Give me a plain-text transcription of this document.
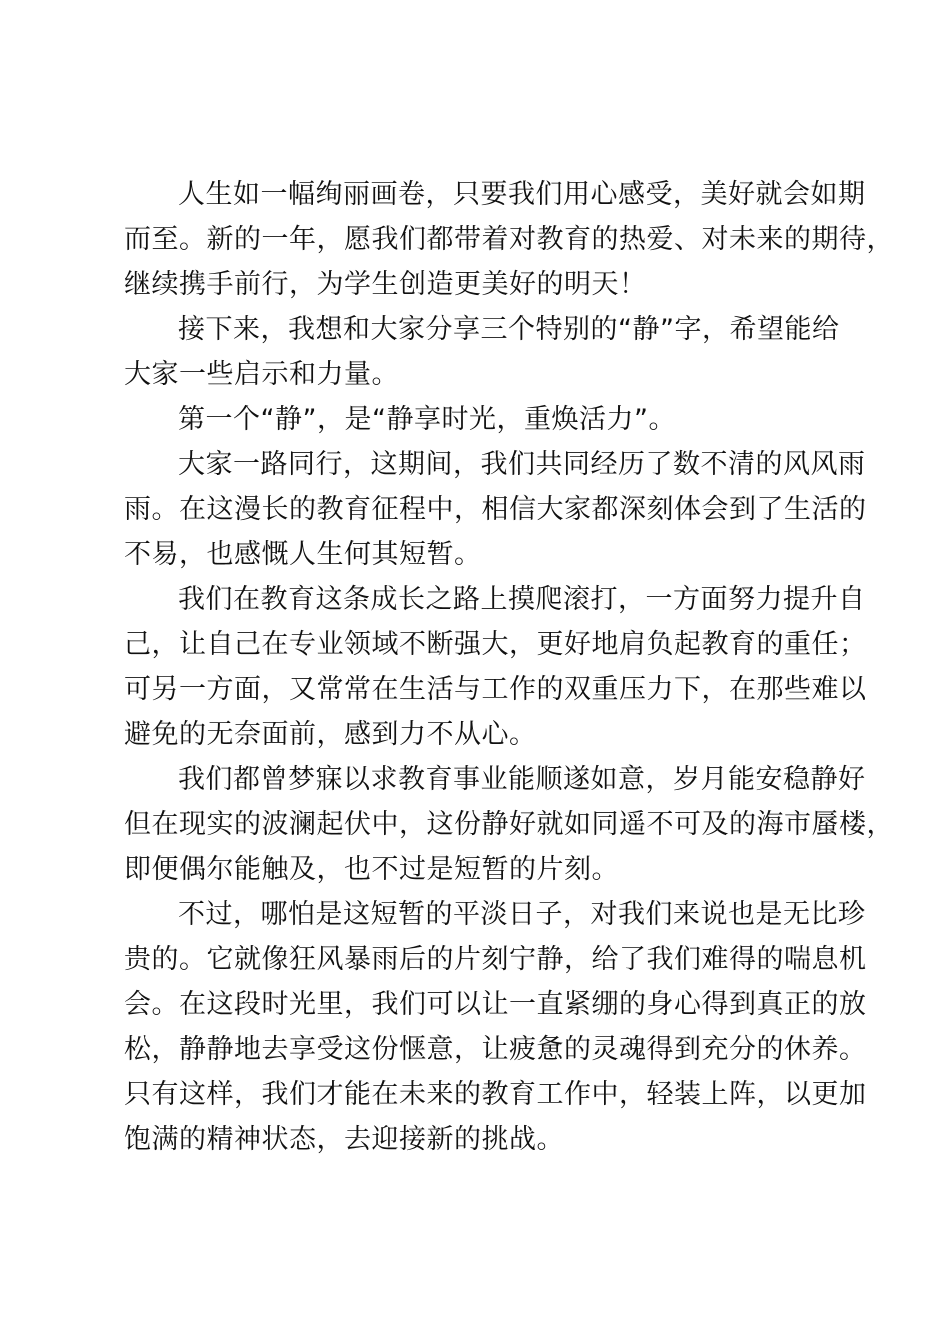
人生如一幅绚丽画卷，只要我们用心感受，美好就会如期
而至。新的一年，愿我们都带着对教育的热爱、对未来的期待，
继续携手前行，为学生创造更美好的明天！
接下来，我想和大家分享三个特别的“静”字，希望能给
大家一些启示和力量。
第一个“静”，是“静享时光，重焕活力”。
大家一路同行，这期间，我们共同经历了数不清的风风雨
雨。在这漫长的教育征程中，相信大家都深刻体会到了生活的
不易，也感慨人生何其短暂。
我们在教育这条成长之路上摸爬滚打，一方面努力提升自
己，让自己在专业领域不断强大，更好地肩负起教育的重任；
可另一方面，又常常在生活与工作的双重压力下，在那些难以
避免的无奈面前，感到力不从心。
我们都曾梦寐以求教育事业能顺遂如意，岁月能安稳静好
但在现实的波澜起伏中，这份静好就如同遥不可及的海市蜃楼，
即便偶尔能触及，也不过是短暂的片刻。
不过，哪怕是这短暂的平淡日子，对我们来说也是无比珍
贵的。它就像狂风暴雨后的片刻宁静，给了我们难得的喘息机
会。在这段时光里，我们可以让一直紧绷的身心得到真正的放
松，静静地去享受这份惬意，让疲惫的灵魂得到充分的休养。
只有这样，我们才能在未来的教育工作中，轻装上阵，以更加
饱满的精神状态，去迎接新的挑战。
